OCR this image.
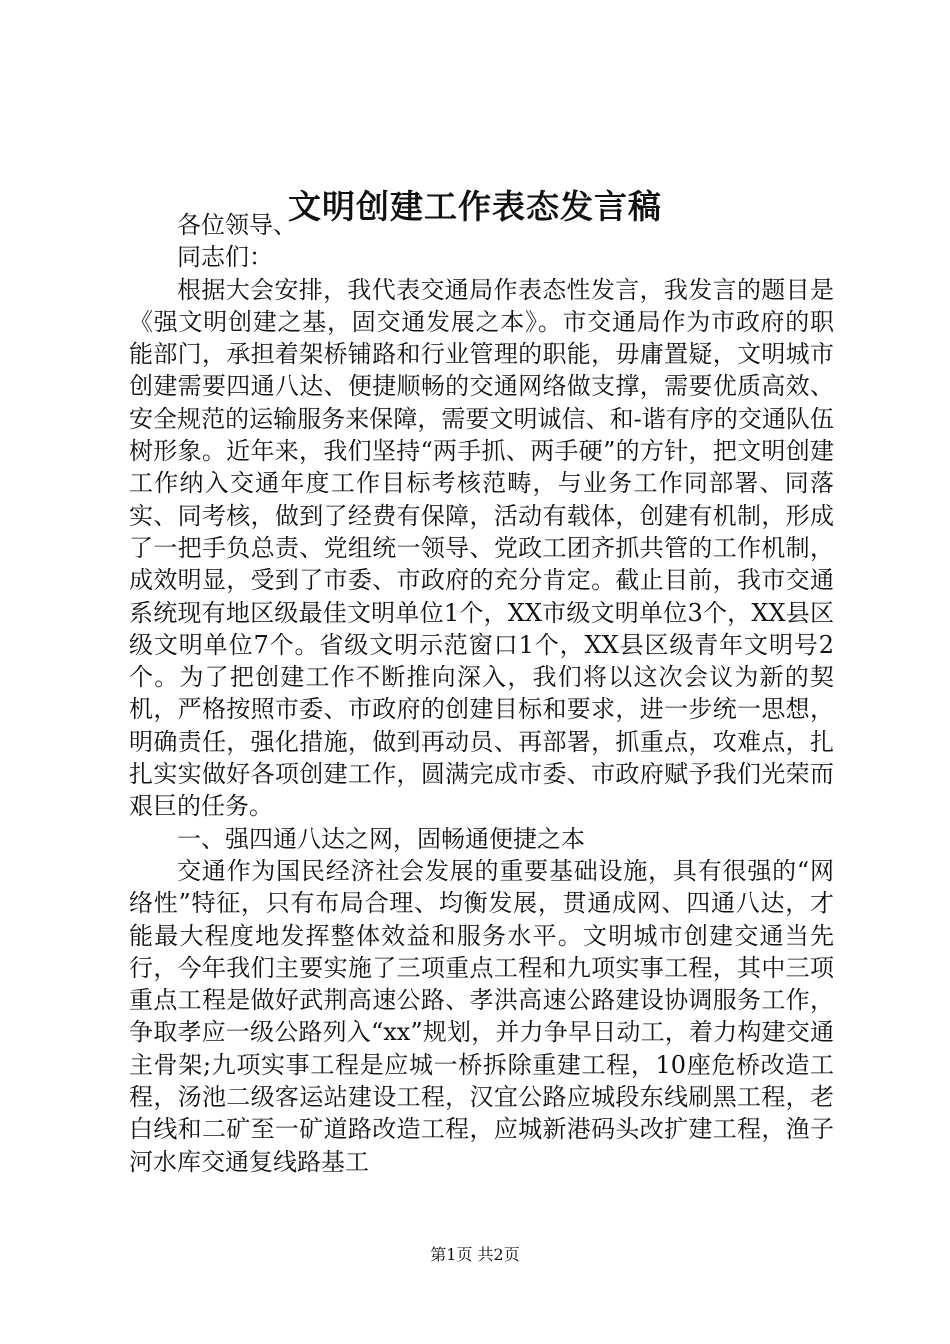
文明创建工作表态发言稿

各位领导、

同志们：

根据大会安排，我代表交通局作表态性发言，我发言的题目是《强文明创建之基，固交通发展之本》。市交通局作为市政府的职能部门，承担着架桥铺路和行业管理的职能，毋庸置疑，文明城市创建需要四通八达、便捷顺畅的交通网络做支撑，需要优质高效、安全规范的运输服务来保障，需要文明诚信、和-谐有序的交通队伍树形象。近年来，我们坚持“两手抓、两手硬”的方针，把文明创建工作纳入交通年度工作目标考核范畴，与业务工作同部署、同落实、同考核，做到了经费有保障，活动有载体，创建有机制，形成了一把手负总责、党组统一领导、党政工团齐抓共管的工作机制，成效明显，受到了市委、市政府的充分肯定。截止目前，我市交通系统现有地区级最佳文明单位1个，XX市级文明单位3个，XX县区级文明单位7个。省级文明示范窗口1个，XX县区级青年文明号2个。为了把创建工作不断推向深入，我们将以这次会议为新的契机，严格按照市委、市政府的创建目标和要求，进一步统一思想，明确责任，强化措施，做到再动员、再部署，抓重点，攻难点，扎扎实实做好各项创建工作，圆满完成市委、市政府赋予我们光荣而艰巨的任务。

一、强四通八达之网，固畅通便捷之本

交通作为国民经济社会发展的重要基础设施，具有很强的“网络性”特征，只有布局合理、均衡发展，贯通成网、四通八达，才能最大程度地发挥整体效益和服务水平。文明城市创建交通当先行，今年我们主要实施了三项重点工程和九项实事工程，其中三项重点工程是做好武荆高速公路、孝洪高速公路建设协调服务工作，争取孝应一级公路列入“xx”规划，并力争早日动工，着力构建交通主骨架;九项实事工程是应城一桥拆除重建工程，10座危桥改造工程，汤池二级客运站建设工程，汉宜公路应城段东线刷黑工程，老白线和二矿至一矿道路改造工程，应城新港码头改扩建工程，渔子河水库交通复线路基工

第1页 共2页
